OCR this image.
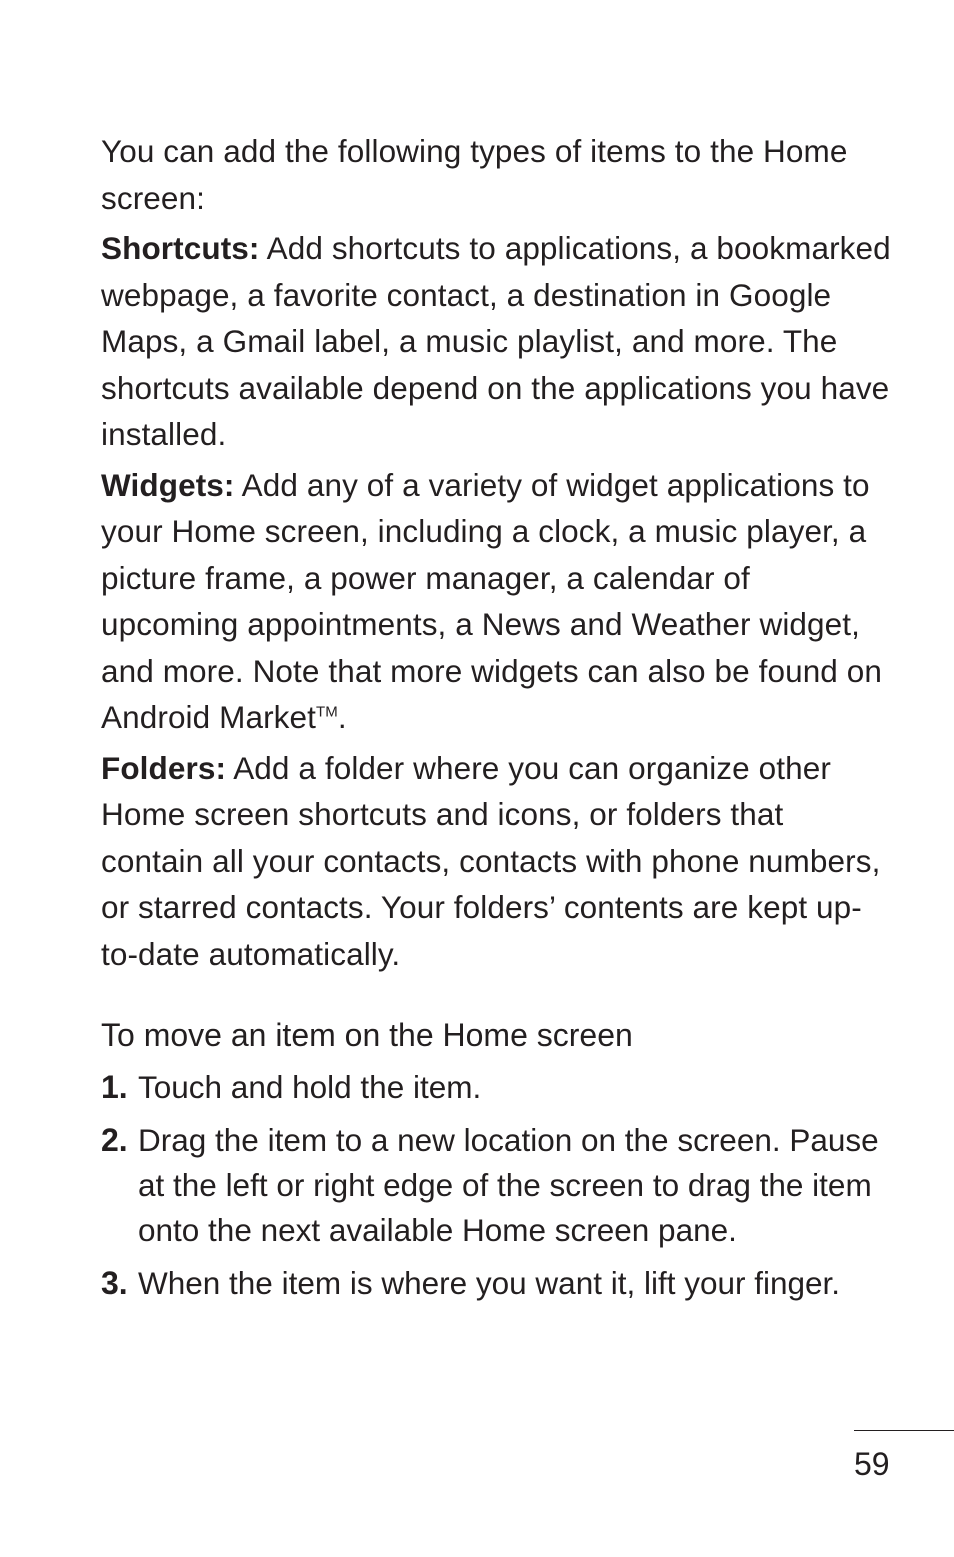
You can add the following types of items to the Home screen:

Shortcuts: Add shortcuts to applications, a bookmarked webpage, a favorite contact, a destination in Google Maps, a Gmail label, a music playlist, and more. The shortcuts available depend on the applications you have installed.

Widgets: Add any of a variety of widget applications to your Home screen, including a clock, a music player, a picture frame, a power manager, a calendar of upcoming appointments, a News and Weather widget, and more. Note that more widgets can also be found on Android Market™.

Folders: Add a folder where you can organize other Home screen shortcuts and icons, or folders that contain all your contacts, contacts with phone numbers, or starred contacts. Your folders’ contents are kept up-to-date automatically.

To move an item on the Home screen
1. Touch and hold the item.
2. Drag the item to a new location on the screen. Pause at the left or right edge of the screen to drag the item onto the next available Home screen pane.
3. When the item is where you want it, lift your finger.
59
